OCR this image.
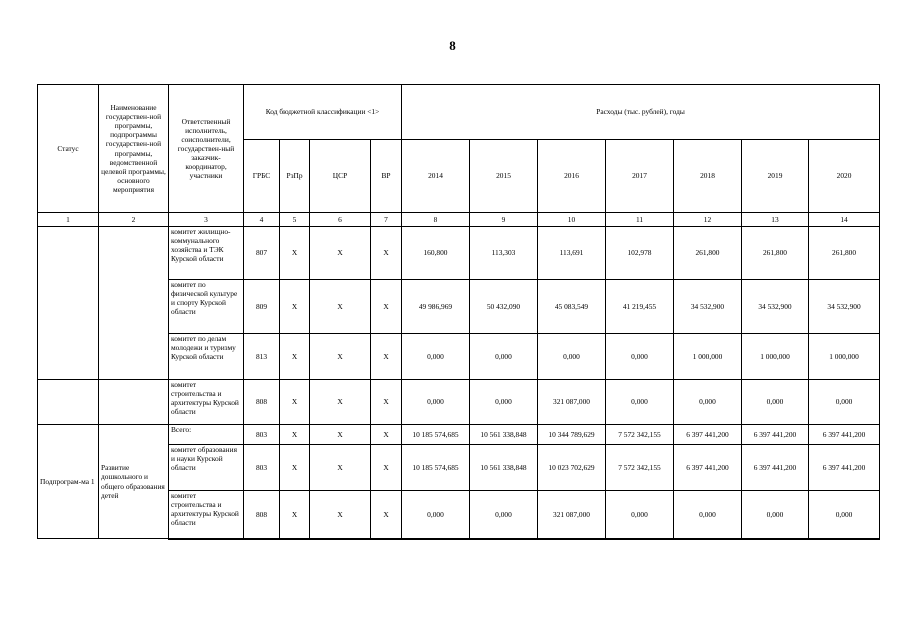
8
Статус	Наименование государствен-ной программы, подпрограммы государствен-ной программы, ведомственной целевой программы, основного мероприятия	Ответственный исполнитель, соисполнители, государствен-ный заказчик-координатор, участники	Код бюджетной классификации <1>				Расходы (тыс. рублей), годы						
			ГРБС	РзПр	ЦСР	ВР	2014	2015	2016	2017	2018	2019	2020
1	2	3	4	5	6	7	8	9	10	11	12	13	14
		комитет жилищно-коммунального хозяйства и ТЭК Курской области	807	X	X	X	160,800	113,303	113,691	102,978	261,800	261,800	261,800
		комитет по физической культуре и спорту Курской области	809	X	X	X	49 986,969	50 432,090	45 083,549	41 219,455	34 532,900	34 532,900	34 532,900
		комитет по делам молодежи и туризму Курской области	813	X	X	X	0,000	0,000	0,000	0,000	1 000,000	1 000,000	1 000,000
		комитет строительства и архитектуры Курской области	808	X	X	X	0,000	0,000	321 087,000	0,000	0,000	0,000	0,000
Подпрограм-ма 1	Развитие дошкольного и общего образования детей	Всего:	803	X	X	X	10 185 574,685	10 561 338,848	10 344 789,629	7 572 342,155	6 397 441,200	6 397 441,200	6 397 441,200
		комитет образования и науки Курской области	803	X	X	X	10 185 574,685	10 561 338,848	10 023 702,629	7 572 342,155	6 397 441,200	6 397 441,200	6 397 441,200
		комитет строительства и архитектуры Курской области	808	X	X	X	0,000	0,000	321 087,000	0,000	0,000	0,000	0,000
